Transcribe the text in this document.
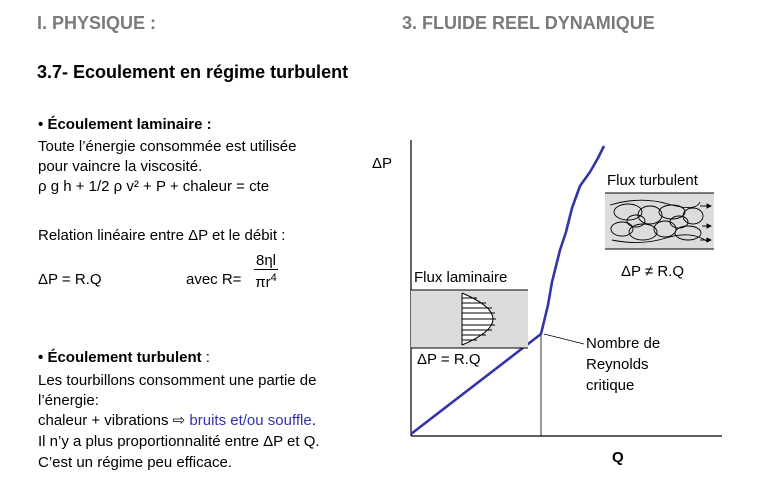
I. PHYSIQUE :	3. FLUIDE REEL DYNAMIQUE
3.7- Ecoulement en régime turbulent
• Écoulement laminaire :
Toute l’énergie consommée est utilisée
pour vaincre la viscosité.
ρ g h + 1/2 ρ v² + P + chaleur = cte
Relation linéaire entre ΔP et le débit :
ΔP = R.Q	avec $R= \frac{8\eta l}{\pi r^4}$
• Écoulement turbulent :
Les tourbillons consomment une partie de
l’énergie:
chaleur + vibrations ⇨ bruits et/ou souffle.
Il n’y a plus proportionnalité entre ΔP et Q.
C’est un régime peu efficace.
ΔP
Q
Nombre de
Reynolds
critique
Flux laminaire
ΔP = R.Q
Flux turbulent
ΔP ≠ R.Q
